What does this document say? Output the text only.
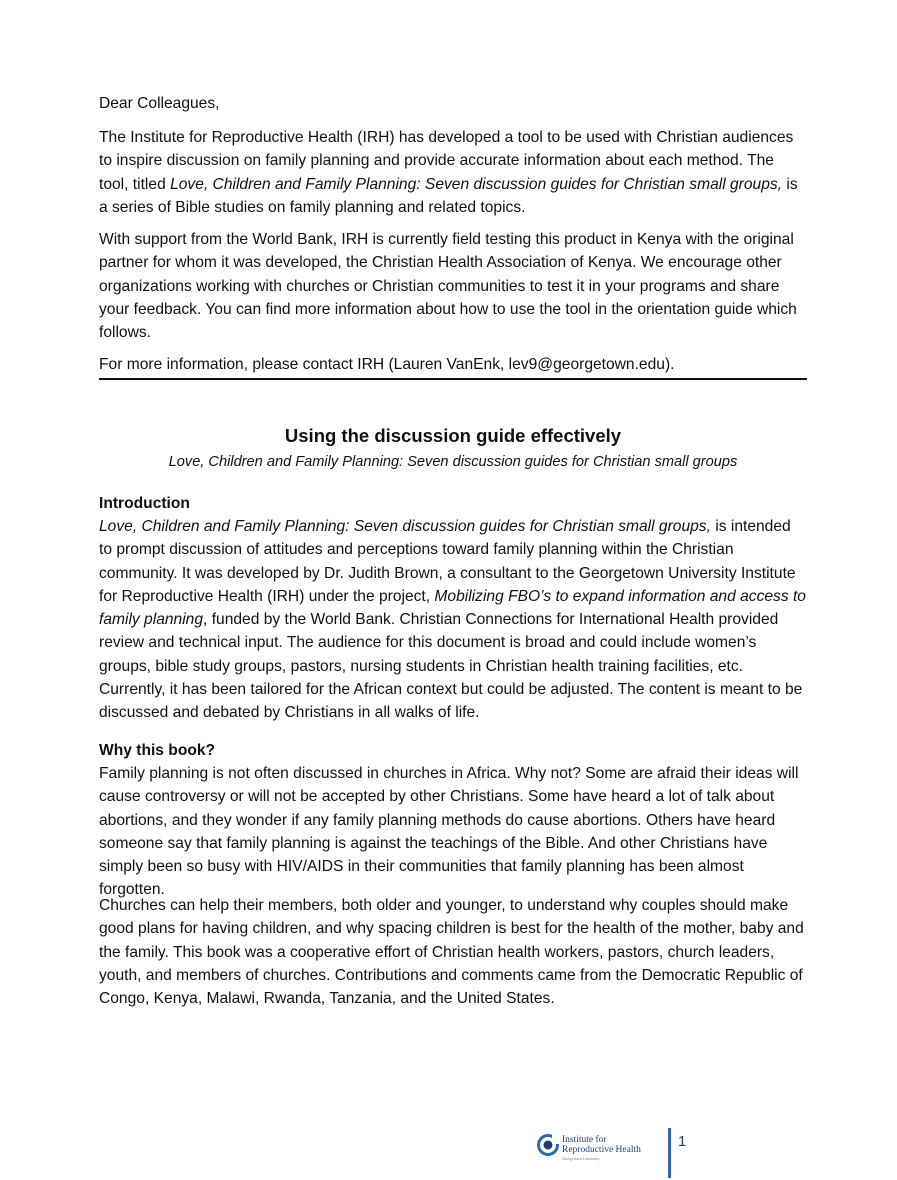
Dear Colleagues,

The Institute for Reproductive Health (IRH) has developed a tool to be used with Christian audiences to inspire discussion on family planning and provide accurate information about each method. The tool, titled Love, Children and Family Planning: Seven discussion guides for Christian small groups, is a series of Bible studies on family planning and related topics.

With support from the World Bank, IRH is currently field testing this product in Kenya with the original partner for whom it was developed, the Christian Health Association of Kenya. We encourage other organizations working with churches or Christian communities to test it in your programs and share your feedback. You can find more information about how to use the tool in the orientation guide which follows.

For more information, please contact IRH (Lauren VanEnk, lev9@georgetown.edu).

Using the discussion guide effectively

Love, Children and Family Planning: Seven discussion guides for Christian small groups

Introduction

Love, Children and Family Planning: Seven discussion guides for Christian small groups, is intended to prompt discussion of attitudes and perceptions toward family planning within the Christian community. It was developed by Dr. Judith Brown, a consultant to the Georgetown University Institute for Reproductive Health (IRH) under the project, Mobilizing FBO’s to expand information and access to family planning, funded by the World Bank. Christian Connections for International Health provided review and technical input. The audience for this document is broad and could include women’s groups, bible study groups, pastors, nursing students in Christian health training facilities, etc. Currently, it has been tailored for the African context but could be adjusted. The content is meant to be discussed and debated by Christians in all walks of life.

Why this book?

Family planning is not often discussed in churches in Africa. Why not? Some are afraid their ideas will cause controversy or will not be accepted by other Christians. Some have heard a lot of talk about abortions, and they wonder if any family planning methods do cause abortions. Others have heard someone say that family planning is against the teachings of the Bible. And other Christians have simply been so busy with HIV/AIDS in their communities that family planning has been almost forgotten.

Churches can help their members, both older and younger, to understand why couples should make good plans for having children, and why spacing children is best for the health of the mother, baby and the family. This book was a cooperative effort of Christian health workers, pastors, church leaders, youth, and members of churches. Contributions and comments came from the Democratic Republic of Congo, Kenya, Malawi, Rwanda, Tanzania, and the United States.

Institute for
Reproductive Health
Georgetown University
1
